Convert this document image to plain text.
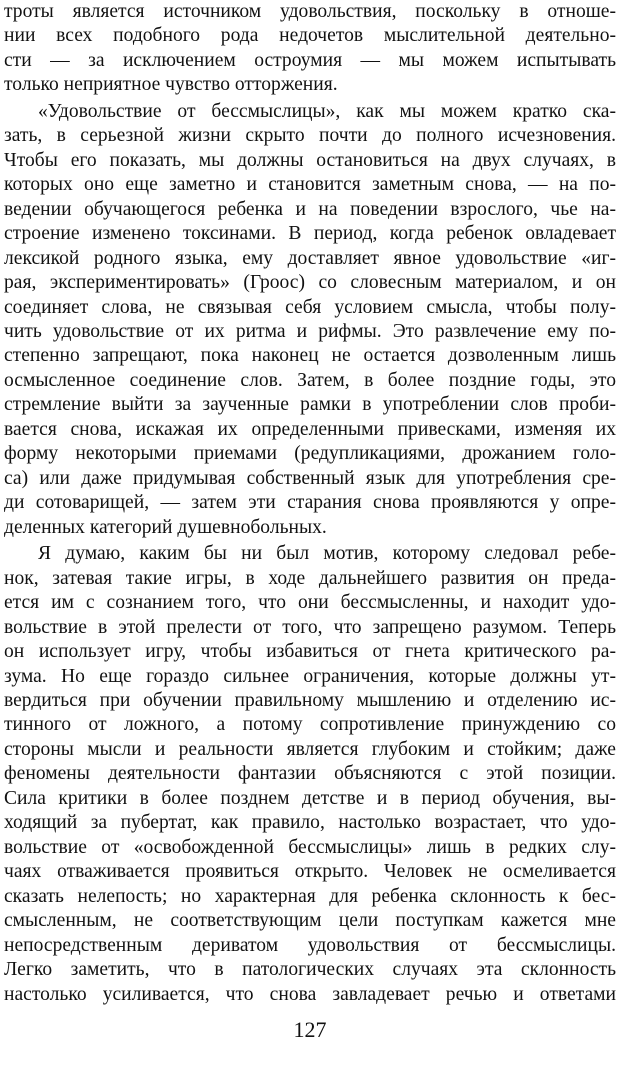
троты является источником удовольствия, поскольку в отноше-
нии всех подобного рода недочетов мыслительной деятельно-
сти — за исключением остроумия — мы можем испытывать
только неприятное чувство отторжения.
«Удовольствие от бессмыслицы», как мы можем кратко ска-
зать, в серьезной жизни скрыто почти до полного исчезновения.
Чтобы его показать, мы должны остановиться на двух случаях, в
которых оно еще заметно и становится заметным снова, — на по-
ведении обучающегося ребенка и на поведении взрослого, чье на-
строение изменено токсинами. В период, когда ребенок овладевает
лексикой родного языка, ему доставляет явное удовольствие «иг-
рая, экспериментировать» (Гроос) со словесным материалом, и он
соединяет слова, не связывая себя условием смысла, чтобы полу-
чить удовольствие от их ритма и рифмы. Это развлечение ему по-
степенно запрещают, пока наконец не остается дозволенным лишь
осмысленное соединение слов. Затем, в более поздние годы, это
стремление выйти за заученные рамки в употреблении слов проби-
вается снова, искажая их определенными привесками, изменяя их
форму некоторыми приемами (редупликациями, дрожанием голо-
са) или даже придумывая собственный язык для употребления сре-
ди сотоварищей, — затем эти старания снова проявляются у опре-
деленных категорий душевнобольных.
Я думаю, каким бы ни был мотив, которому следовал ребе-
нок, затевая такие игры, в ходе дальнейшего развития он преда-
ется им с сознанием того, что они бессмысленны, и находит удо-
вольствие в этой прелести от того, что запрещено разумом. Теперь
он использует игру, чтобы избавиться от гнета критического ра-
зума. Но еще гораздо сильнее ограничения, которые должны ут-
вердиться при обучении правильному мышлению и отделению ис-
тинного от ложного, а потому сопротивление принуждению со
стороны мысли и реальности является глубоким и стойким; даже
феномены деятельности фантазии объясняются с этой позиции.
Сила критики в более позднем детстве и в период обучения, вы-
ходящий за пубертат, как правило, настолько возрастает, что удо-
вольствие от «освобожденной бессмыслицы» лишь в редких слу-
чаях отваживается проявиться открыто. Человек не осмеливается
сказать нелепость; но характерная для ребенка склонность к бес-
смысленным, не соответствующим цели поступкам кажется мне
непосредственным дериватом удовольствия от бессмыслицы.
Легко заметить, что в патологических случаях эта склонность
настолько усиливается, что снова завладевает речью и ответами
127
